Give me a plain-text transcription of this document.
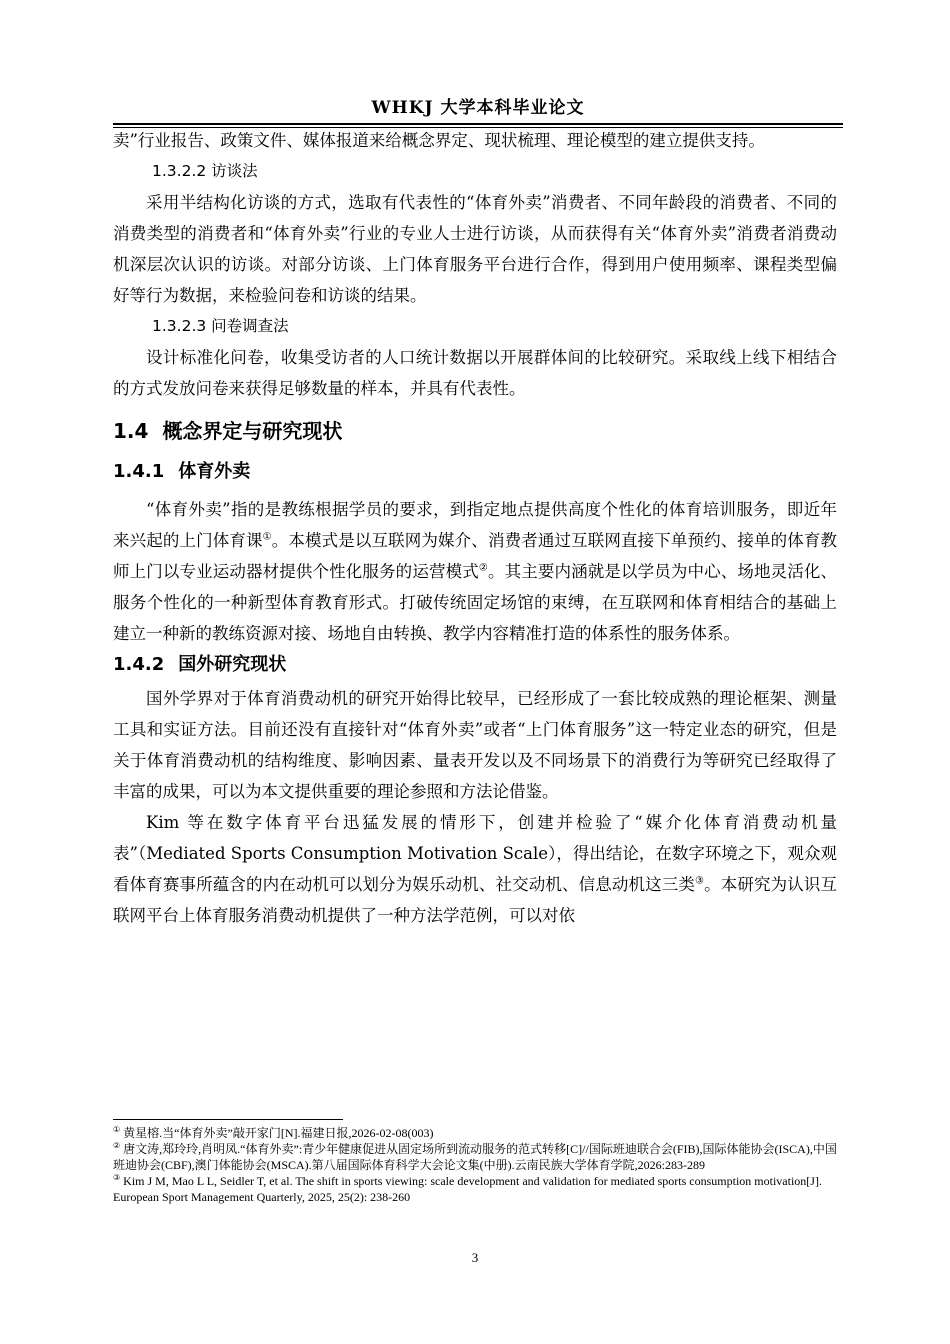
WHKJ 大学本科毕业论文

卖”行业报告、政策文件、媒体报道来给概念界定、现状梳理、理论模型的建立提供支持。

1.3.2.2 访谈法

采用半结构化访谈的方式，选取有代表性的“体育外卖”消费者、不同年龄段的消费者、不同的消费类型的消费者和“体育外卖”行业的专业人士进行访谈，从而获得有关“体育外卖”消费者消费动机深层次认识的访谈。对部分访谈、上门体育服务平台进行合作，得到用户使用频率、课程类型偏好等行为数据，来检验问卷和访谈的结果。

1.3.2.3 问卷调查法

设计标准化问卷，收集受访者的人口统计数据以开展群体间的比较研究。采取线上线下相结合的方式发放问卷来获得足够数量的样本，并具有代表性。

1.4 概念界定与研究现状
1.4.1 体育外卖

“体育外卖”指的是教练根据学员的要求，到指定地点提供高度个性化的体育培训服务，即近年来兴起的上门体育课①。本模式是以互联网为媒介、消费者通过互联网直接下单预约、接单的体育教师上门以专业运动器材提供个性化服务的运营模式②。其主要内涵就是以学员为中心、场地灵活化、服务个性化的一种新型体育教育形式。打破传统固定场馆的束缚，在互联网和体育相结合的基础上建立一种新的教练资源对接、场地自由转换、教学内容精准打造的体系性的服务体系。

1.4.2 国外研究现状

国外学界对于体育消费动机的研究开始得比较早，已经形成了一套比较成熟的理论框架、测量工具和实证方法。目前还没有直接针对“体育外卖”或者“上门体育服务”这一特定业态的研究，但是关于体育消费动机的结构维度、影响因素、量表开发以及不同场景下的消费行为等研究已经取得了丰富的成果，可以为本文提供重要的理论参照和方法论借鉴。

Kim 等在数字体育平台迅猛发展的情形下，创建并检验了“媒介化体育消费动机量表”（Mediated Sports Consumption Motivation Scale），得出结论，在数字环境之下，观众观看体育赛事所蕴含的内在动机可以划分为娱乐动机、社交动机、信息动机这三类③。本研究为认识互联网平台上体育服务消费动机提供了一种方法学范例，可以对依

① 黄星榕.当“体育外卖”敲开家门[N].福建日报,2026-02-08(003)

② 唐文涛,郑玲玲,肖明凤.“体育外卖”:青少年健康促进从固定场所到流动服务的范式转移[C]//国际班迪联合会(FIB),国际体能协会(ISCA),中国班迪协会(CBF),澳门体能协会(MSCA).第八届国际体育科学大会论文集(中册).云南民族大学体育学院,2026:283-289

③ Kim J M, Mao L L, Seidler T, et al. The shift in sports viewing: scale development and validation for mediated sports consumption motivation[J]. European Sport Management Quarterly, 2025, 25(2): 238-260

3
